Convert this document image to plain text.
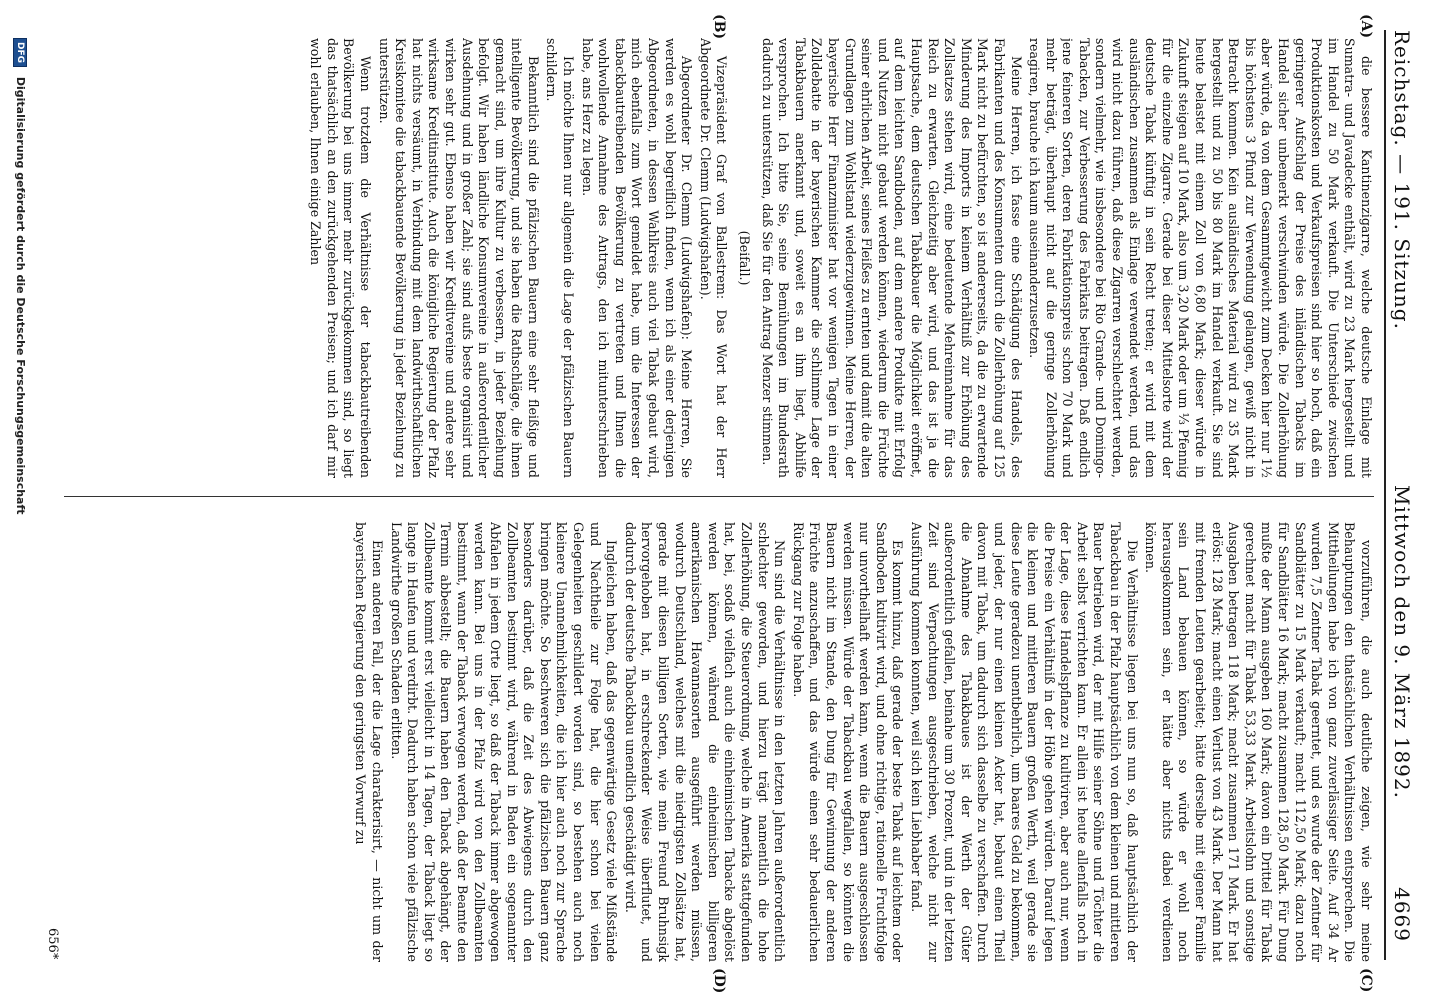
Reichstag. — 191. Sitzung.
Mittwoch den 9. März 1892.
4669
(A)
(B)
(C)
(D)

die bessere Kantinenzigarre, welche deutsche Einlage mit Sumatra- und Javadecke enthält, wird zu 23 Mark hergestellt und im Handel zu 50 Mark verkauft. Die Unterschiede zwischen Produktionskosten und Verkaufspreisen sind hier so hoch, daß ein geringerer Aufschlag der Preise des inländischen Tabacks im Handel sicher unbemerkt verschwinden würde. Die Zollerhöhung aber würde, da von dem Gesammtgewicht zum Decken hier nur 1½ bis höchstens 3 Pfund zur Verwendung gelangen, gewiß nicht in Betracht kommen. Kein ausländisches Material wird zu 35 Mark hergestellt und zu 50 bis 80 Mark im Handel verkauft. Sie sind heute belastet mit einem Zoll von 6,80 Mark; dieser würde in Zukunft steigen auf 10 Mark, also um 3,20 Mark oder um ⅓ Pfennig für die einzelne Zigarre. Gerade bei dieser Mittelsorte wird der deutsche Tabak künftig in sein Recht treten; er wird mit dem ausländischen zusammen als Einlage verwendet werden, und das wird nicht dazu führen, daß diese Zigarren verschlechtert werden, sondern vielmehr, wie insbesondere bei Rio Grande- und Domingo-Tabacken, zur Verbesserung des Fabrikats beitragen. Daß endlich jene feineren Sorten, deren Fabrikationspreis schon 70 Mark und mehr beträgt, überhaupt nicht auf die geringe Zollerhöhung reagiren, brauche ich kaum auseinanderzusetzen.

Meine Herren, ich fasse eine Schädigung des Handels, des Fabrikanten und des Konsumenten durch die Zollerhöhung auf 125 Mark nicht zu befürchten, so ist andererseits, da die zu erwartende Minderung des Imports in keinem Verhältniß zur Erhöhung des Zollsatzes stehen wird, eine bedeutende Mehreinnahme für das Reich zu erwarten. Gleichzeitig aber wird, und das ist ja die Hauptsache, dem deutschen Tabakbauer die Möglichkeit eröffnet, auf dem leichten Sandboden, auf dem andere Produkte mit Erfolg und Nutzen nicht gebaut werden können, wiederum die Früchte seiner ehrlichen Arbeit, seines Fleißes zu ernten und damit die alten Grundlagen zum Wohlstand wiederzugewinnen. Meine Herren, der bayerische Herr Finanzminister hat vor wenigen Tagen in einer Zolldebatte in der bayerischen Kammer die schlimme Lage der Tabakbauern anerkannt und, soweit es an ihm liegt, Abhilfe versprochen. Ich bitte Sie, seine Bemühungen im Bundesrath dadurch zu unterstützen, daß Sie für den Antrag Menzer stimmen.

(Beifall.)

Vizepräsident Graf von Ballestrem: Das Wort hat der Herr Abgeordnete Dr. Clemm (Ludwigshafen).

Abgeordneter Dr. Clemm (Ludwigshafen): Meine Herren, Sie werden es wohl begreiflich finden, wenn ich als einer derjenigen Abgeordneten, in dessen Wahlkreis auch viel Tabak gebaut wird, mich ebenfalls zum Wort gemeldet habe, um die Interessen der tabackbautreibenden Bevölkerung zu vertreten und Ihnen die wohlwollende Annahme des Antrags, den ich mitunterschrieben habe, ans Herz zu legen.

Ich möchte Ihnen nur allgemein die Lage der pfälzischen Bauern schildern.

Bekanntlich sind die pfälzischen Bauern eine sehr fleißige und intelligente Bevölkerung, und sie haben die Rathschläge, die ihnen gemacht sind, um ihre Kultur zu verbessern, in jeder Beziehung befolgt. Wir haben ländliche Konsumvereine in außerordentlicher Ausdehnung und in großer Zahl; sie sind aufs beste organisirt und wirken sehr gut. Ebenso haben wir Kreditvereine und andere sehr wirksame Kreditinstitute. Auch die königliche Regierung der Pfalz hat nichts versäumt, in Verbindung mit dem landwirthschaftlichen Kreiskomitee die tabackbauende Bevölkerung in jeder Beziehung zu unterstützen.

Wenn trotzdem die Verhältnisse der tabackbautreibenden Bevölkerung bei uns immer mehr zurückgekommen sind, so liegt das thatsächlich an den zurückgehenden Preisen; und ich darf mir wohl erlauben, Ihnen einige Zahlen

vorzuführen, die auch deutliche zeigen, wie sehr meine Behauptungen den thatsächlichen Verhältnissen entsprechen. Die Mittheilungen habe ich von ganz zuverlässiger Seite. Auf 34 Ar wurden 7,5 Zentner Tabak geerntet, und es wurde der Zentner für Sandblätter zu 15 Mark verkauft; macht 112,50 Mark; dazu noch für Sandblätter 16 Mark; macht zusammen 128,50 Mark. Für Dung mußte der Mann ausgeben 160 Mark; davon ein Drittel für Tabak gerechnet macht für Tabak 53,33 Mark. Arbeitslohn und sonstige Ausgaben betragen 118 Mark; macht zusammen 171 Mark. Er hat erlöst: 128 Mark; macht einen Verlust von 43 Mark. Der Mann hat mit fremden Leuten gearbeitet; hätte derselbe mit eigener Familie sein Land bebauen können, so würde er wohl noch herausgekommen sein, er hätte aber nichts dabei verdienen können.

Die Verhältnisse liegen bei uns nun so, daß hauptsächlich der Tabackbau in der Pfalz hauptsächlich von dem kleinen und mittleren Bauer betrieben wird, der mit Hilfe seiner Söhne und Töchter die Arbeit selbst verrichten kann. Er allein ist heute allenfalls noch in der Lage, diese Handelspflanze zu kultiviren, aber auch nur, wenn die Preise ein Verhältniß in der Höhe gehen würden. Darauf legen die kleinen und mittleren Bauern großen Werth, weil gerade sie diese Leute geradezu unentbehrlich, um baares Geld zu bekommen, und jeder, der nur einen kleinen Acker hat, bebaut einen Theil davon mit Tabak, um dadurch sich dasselbe zu verschaffen. Durch die Abnahme des Tabakbaues ist der Werth der Güter außerordentlich gefallen, beinahe um 30 Prozent, und in der letzten Zeit sind Verpachtungen ausgeschrieben, welche nicht zur Ausführung kommen konnten, weil sich kein Liebhaber fand.

Es kommt hinzu, daß gerade der beste Tabak auf leichtem oder Sandboden kultivirt wird, und ohne richtige, rationelle Fruchtfolge nur unvortheilhaft werden kann, wenn die Bauern ausgeschlossen werden müssen. Würde der Tabackbau wegfallen, so könnten die Bauern nicht im Stande, den Dung für Gewinnung der anderen Früchte anzuschaffen, und das würde einen sehr bedauerlichen Rückgang zur Folge haben.

Nun sind die Verhältnisse in den letzten Jahren außerordentlich schlechter geworden, und hierzu trägt namentlich die hohe Zollerhöhung, die Steuerordnung, welche in Amerika stattgefunden hat, bei, sodaß vielfach auch die einheimischen Tabacke abgelöst werden können, während die einheimischen billigeren amerikanischen Havannasorten ausgeführt werden müssen, wodurch Deutschland, welches mit die niedrigsten Zollsätze hat, gerade mit diesen billigen Sorten, wie mein Freund Bruhnsigk hervorgehoben hat, in erschreckender Weise überflutet, und dadurch der deutsche Tabackbau unendlich geschädigt wird.

Ingleichen haben, daß das gegenwärtige Gesetz viele Mißstände und Nachtheile zur Folge hat, die hier schon bei vielen Gelegenheiten geschildert worden sind, so bestehen auch noch kleinere Unannehmlichkeiten, die ich hier auch noch zur Sprache bringen möchte. So beschweren sich die pfälzischen Bauern ganz besonders darüber, daß die Zeit des Abwiegens durch den Zollbeamten bestimmt wird, während in Baden ein sogenannter Abfalen in jedem Orte liegt, so daß der Taback immer abgewogen werden kann. Bei uns in der Pfalz wird von den Zollbeamten bestimmt, wann der Taback verwogen werden, daß der Beamte den Termin abbestellt; die Bauern haben den Taback abgehängt, der Zollbeamte kommt erst vielleicht in 14 Tagen, der Taback liegt so lange in Haufen und verdirbt. Dadurch haben schon viele pfälzische Landwirthe großen Schaden erlitten.

Einen anderen Fall, der die Lage charakterisirt, — nicht um der bayerischen Regierung den geringsten Vorwurf zu

656*
DFG Digitalisierung gefördert durch die Deutsche Forschungsgemeinschaft
